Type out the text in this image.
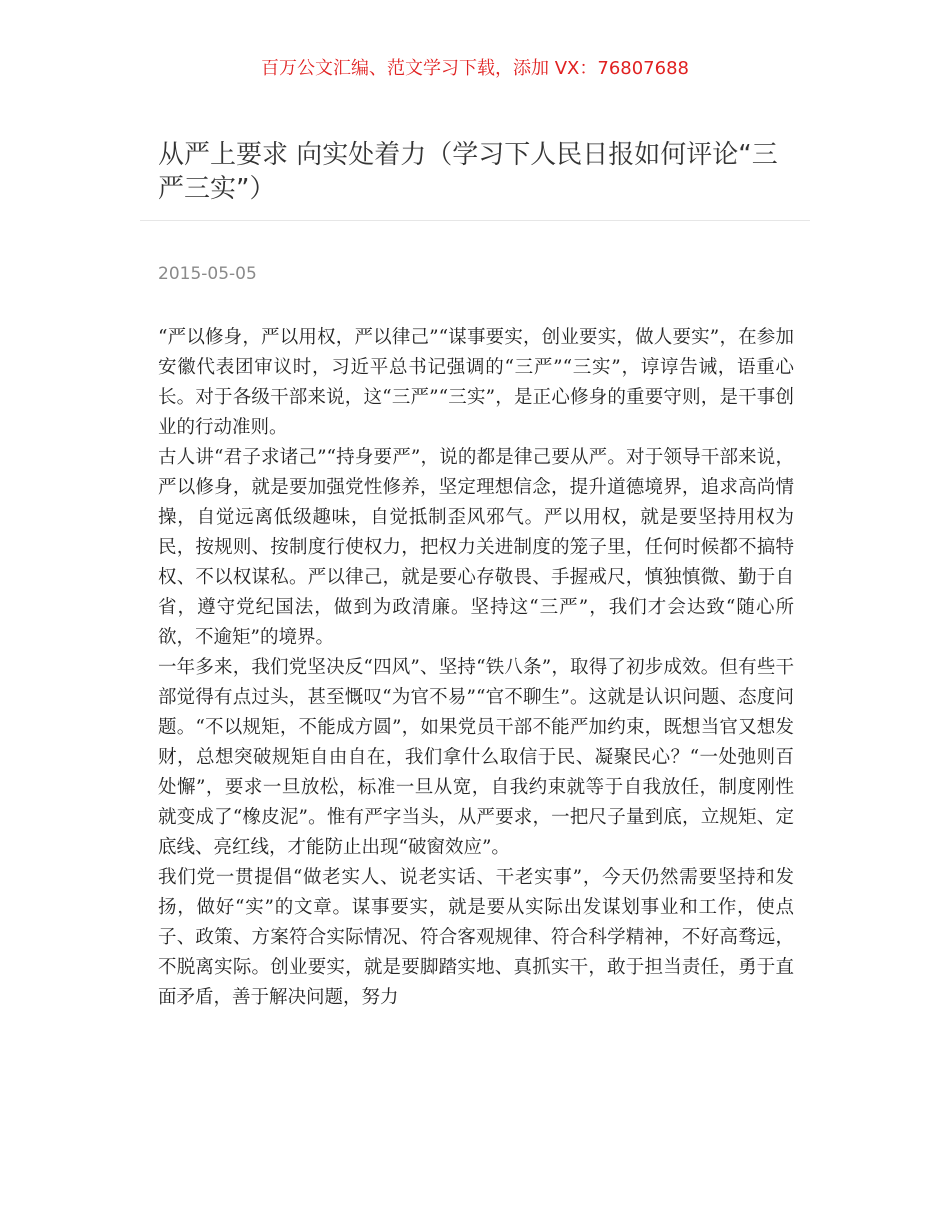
百万公文汇编、范文学习下载，添加 VX：76807688
从严上要求 向实处着力（学习下人民日报如何评论“三严三实”）
2015-05-05

“严以修身，严以用权，严以律己”“谋事要实，创业要实，做人要实”，在参加安徽代表团审议时，习近平总书记强调的“三严”“三实”，谆谆告诫，语重心长。对于各级干部来说，这“三严”“三实”，是正心修身的重要守则，是干事创业的行动准则。

古人讲“君子求诸己”“持身要严”，说的都是律己要从严。对于领导干部来说，严以修身，就是要加强党性修养，坚定理想信念，提升道德境界，追求高尚情操，自觉远离低级趣味，自觉抵制歪风邪气。严以用权，就是要坚持用权为民，按规则、按制度行使权力，把权力关进制度的笼子里，任何时候都不搞特权、不以权谋私。严以律己，就是要心存敬畏、手握戒尺，慎独慎微、勤于自省，遵守党纪国法，做到为政清廉。坚持这“三严”，我们才会达致“随心所欲，不逾矩”的境界。

一年多来，我们党坚决反“四风”、坚持“铁八条”，取得了初步成效。但有些干部觉得有点过头，甚至慨叹“为官不易”“官不聊生”。这就是认识问题、态度问题。“不以规矩，不能成方圆”，如果党员干部不能严加约束，既想当官又想发财，总想突破规矩自由自在，我们拿什么取信于民、凝聚民心？“一处弛则百处懈”，要求一旦放松，标准一旦从宽，自我约束就等于自我放任，制度刚性就变成了“橡皮泥”。惟有严字当头，从严要求，一把尺子量到底，立规矩、定底线、亮红线，才能防止出现“破窗效应”。

我们党一贯提倡“做老实人、说老实话、干老实事”，今天仍然需要坚持和发扬，做好“实”的文章。谋事要实，就是要从实际出发谋划事业和工作，使点子、政策、方案符合实际情况、符合客观规律、符合科学精神，不好高骛远，不脱离实际。创业要实，就是要脚踏实地、真抓实干，敢于担当责任，勇于直面矛盾，善于解决问题，努力
